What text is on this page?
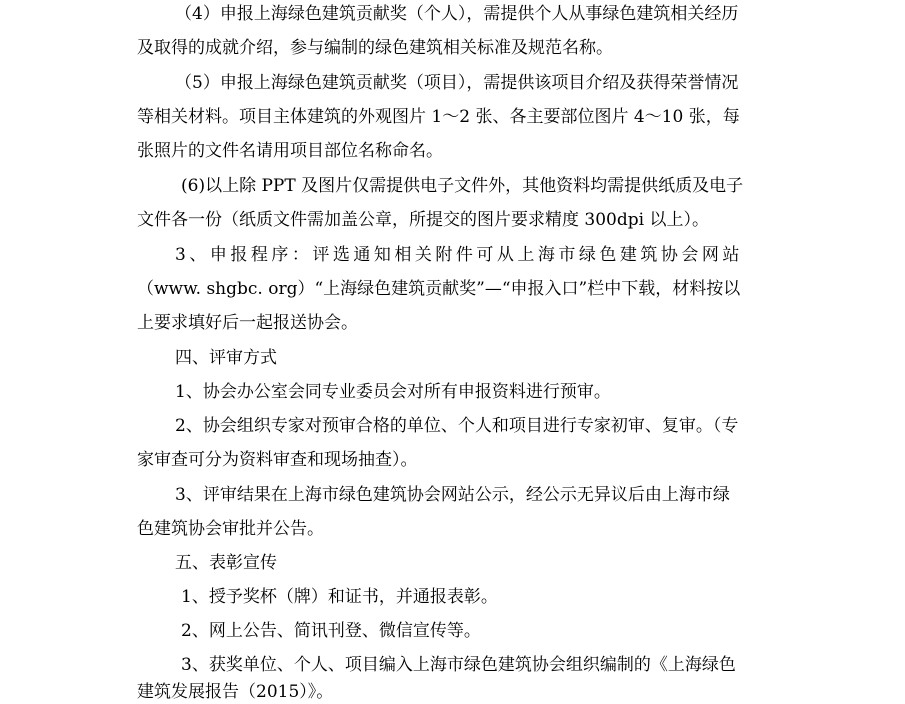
（4）申报上海绿色建筑贡献奖（个人），需提供个人从事绿色建筑相关经历
及取得的成就介绍，参与编制的绿色建筑相关标准及规范名称。
（5）申报上海绿色建筑贡献奖（项目），需提供该项目介绍及获得荣誉情况
等相关材料。项目主体建筑的外观图片 1～2 张、各主要部位图片 4～10 张，每
张照片的文件名请用项目部位名称命名。
(6)以上除 PPT 及图片仅需提供电子文件外，其他资料均需提供纸质及电子
文件各一份（纸质文件需加盖公章，所提交的图片要求精度 300dpi 以上）。
3、申报程序：评选通知相关附件可从上海市绿色建筑协会网站
（www. shgbc. org）“上海绿色建筑贡献奖”—“申报入口”栏中下载，材料按以
上要求填好后一起报送协会。
四、评审方式
1、协会办公室会同专业委员会对所有申报资料进行预审。
2、协会组织专家对预审合格的单位、个人和项目进行专家初审、复审。（专
家审查可分为资料审查和现场抽查）。
3、评审结果在上海市绿色建筑协会网站公示，经公示无异议后由上海市绿
色建筑协会审批并公告。
五、表彰宣传
1、授予奖杯（牌）和证书，并通报表彰。
2、网上公告、简讯刊登、微信宣传等。
3、获奖单位、个人、项目编入上海市绿色建筑协会组织编制的《上海绿色
建筑发展报告（2015）》。
